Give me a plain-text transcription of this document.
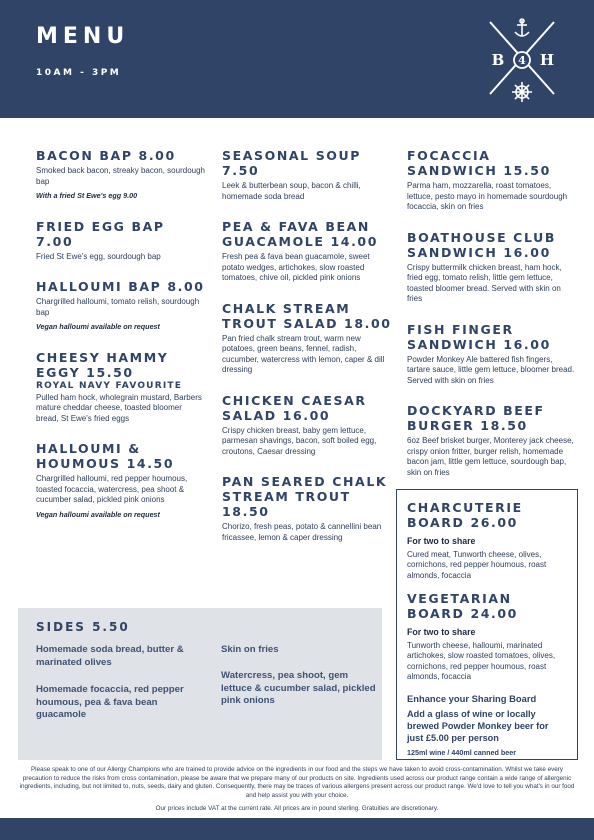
MENU
10AM - 3PM
4
B H
BACON BAP 8.00

Smoked back bacon, streaky bacon, sourdough bap

With a fried St Ewe's egg 9.00

FRIED EGG BAP 7.00

Fried St Ewe's egg, sourdough bap

HALLOUMI BAP 8.00

Chargrilled halloumi, tomato relish, sourdough bap

Vegan halloumi available on request

CHEESY HAMMY EGGY 15.50
ROYAL NAVY FAVOURITE

Pulled ham hock, wholegrain mustard, Barbers mature cheddar cheese, toasted bloomer bread, St Ewe's fried eggs

HALLOUMI & HOUMOUS 14.50

Chargrilled halloumi, red pepper houmous, toasted focaccia, watercress, pea shoot & cucumber salad, pickled pink onions

Vegan halloumi available on request

SEASONAL SOUP 7.50

Leek & butterbean soup, bacon & chilli, homemade soda bread

PEA & FAVA BEAN GUACAMOLE 14.00

Fresh pea & fava bean guacamole, sweet potato wedges, artichokes, slow roasted tomatoes, chive oil, pickled pink onions

CHALK STREAM TROUT SALAD 18.00

Pan fried chalk stream trout, warm new potatoes, green beans, fennel, radish, cucumber, watercress with lemon, caper & dill dressing

CHICKEN CAESAR SALAD 16.00

Crispy chicken breast, baby gem lettuce, parmesan shavings, bacon, soft boiled egg, croutons, Caesar dressing

PAN SEARED CHALK STREAM TROUT 18.50

Chorizo, fresh peas, potato & cannellini bean fricassee, lemon & caper dressing

FOCACCIA SANDWICH 15.50

Parma ham, mozzarella, roast tomatoes, lettuce, pesto mayo in homemade sourdough focaccia, skin on fries

BOATHOUSE CLUB SANDWICH 16.00

Crispy buttermilk chicken breast, ham hock, fried egg, tomato relish, little gem lettuce, toasted bloomer bread. Served with skin on fries

FISH FINGER SANDWICH 16.00

Powder Monkey Ale battered fish fingers, tartare sauce, little gem lettuce, bloomer bread. Served with skin on fries

DOCKYARD BEEF BURGER 18.50

6oz Beef brisket burger, Monterey jack cheese, crispy onion fritter, burger relish, homemade bacon jam, little gem lettuce, sourdough bap, skin on fries

CHARCUTERIE BOARD 26.00

For two to share

Cured meat, Tunworth cheese, olives, cornichons, red pepper houmous, roast almonds, focaccia

VEGETARIAN BOARD 24.00

For two to share

Tunworth cheese, halloumi, marinated artichokes, slow roasted tomatoes, olives, cornichons, red pepper houmous, roast almonds, focaccia

Enhance your Sharing Board
Add a glass of wine or locally brewed Powder Monkey beer for just £5.00 per person
125ml wine / 440ml canned beer
SIDES 5.50
Homemade soda bread, butter & marinated olives
Homemade focaccia, red pepper houmous, pea & fava bean guacamole
Skin on fries
Watercress, pea shoot, gem lettuce & cucumber salad, pickled pink onions
Please speak to one of our Allergy Champions who are trained to provide advice on the ingredients in our food and the steps we have taken to avoid cross-contamination. Whilst we take every precaution to reduce the risks from cross contamination, please be aware that we prepare many of our products on site. Ingredients used across our product range contain a wide range of allergenic ingredients, including, but not limited to, nuts, seeds, dairy and gluten. Consequently, there may be traces of various allergens present across our product range. We'd love to tell you what's in our food and help assist you with your choice.
Our prices include VAT at the current rate. All prices are in pound sterling. Gratuities are discretionary.
